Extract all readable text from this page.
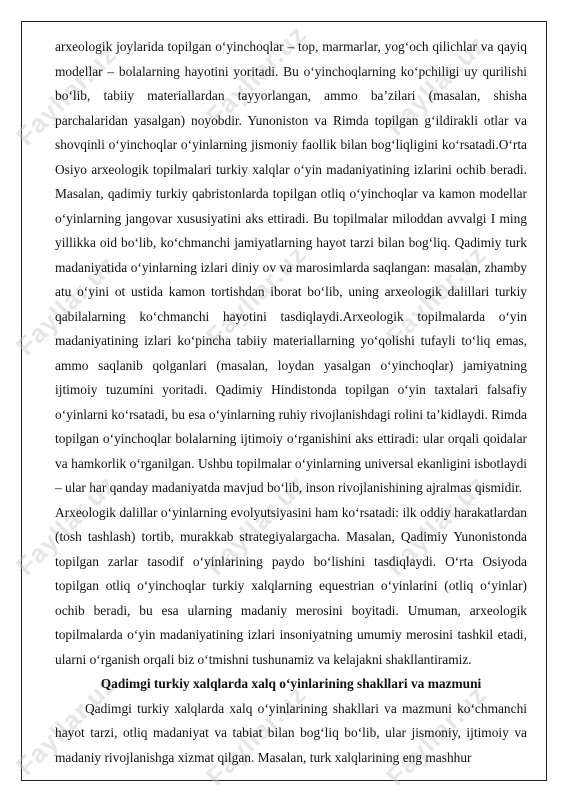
Fayllar.uz	Fayllar.uz	Fayllar.uz
Fayllar.uz	Fayllar.uz	Fayllar.uz
Fayllar.uz	Fayllar.uz	Fayllar.uz
Fayllar.uz	Fayllar.uz	Fayllar.uz

arxeologik joylarida topilgan o‘yinchoqlar – top, marmarlar, yog‘och qilichlar va qayiq modellar – bolalarning hayotini yoritadi. Bu o‘yinchoqlarning ko‘pchiligi uy qurilishi bo‘lib, tabiiy materiallardan tayyorlangan, ammo ba’zilari (masalan, shisha parchalaridan yasalgan) noyobdir. Yunoniston va Rimda topilgan g‘ildirakli otlar va shovqinli o‘yinchoqlar o‘yinlarning jismoniy faollik bilan bog‘liqligini ko‘rsatadi.O‘rta Osiyo arxeologik topilmalari turkiy xalqlar o‘yin madaniyatining izlarini ochib beradi. Masalan, qadimiy turkiy qabristonlarda topilgan otliq o‘yinchoqlar va kamon modellar o‘yinlarning jangovar xususiyatini aks ettiradi. Bu topilmalar miloddan avvalgi I ming yillikka oid bo‘lib, ko‘chmanchi jamiyatlarning hayot tarzi bilan bog‘liq. Qadimiy turk madaniyatida o‘yinlarning izlari diniy ov va marosimlarda saqlangan: masalan, zhamby atu o‘yini ot ustida kamon tortishdan iborat bo‘lib, uning arxeologik dalillari turkiy qabilalarning ko‘chmanchi hayotini tasdiqlaydi.Arxeologik topilmalarda o‘yin madaniyatining izlari ko‘pincha tabiiy materiallarning yo‘qolishi tufayli to‘liq emas, ammo saqlanib qolganlari (masalan, loydan yasalgan o‘yinchoqlar) jamiyatning ijtimoiy tuzumini yoritadi. Qadimiy Hindistonda topilgan o‘yin taxtalari falsafiy o‘yinlarni ko‘rsatadi, bu esa o‘yinlarning ruhiy rivojlanishdagi rolini ta’kidlaydi. Rimda topilgan o‘yinchoqlar bolalarning ijtimoiy o‘rganishini aks ettiradi: ular orqali qoidalar va hamkorlik o‘rganilgan. Ushbu topilmalar o‘yinlarning universal ekanligini isbotlaydi – ular har qanday madaniyatda mavjud bo‘lib, inson rivojlanishining ajralmas qismidir.

Arxeologik dalillar o‘yinlarning evolyutsiyasini ham ko‘rsatadi: ilk oddiy harakatlardan (tosh tashlash) tortib, murakkab strategiyalargacha. Masalan, Qadimiy Yunonistonda topilgan zarlar tasodif o‘yinlarining paydo bo‘lishini tasdiqlaydi. O‘rta Osiyoda topilgan otliq o‘yinchoqlar turkiy xalqlarning equestrian o‘yinlarini (otliq o‘yinlar) ochib beradi, bu esa ularning madaniy merosini boyitadi. Umuman, arxeologik topilmalarda o‘yin madaniyatining izlari insoniyatning umumiy merosini tashkil etadi, ularni o‘rganish orqali biz o‘tmishni tushunamiz va kelajakni shakllantiramiz.

Qadimgi turkiy xalqlarda xalq o‘yinlarining shakllari va mazmuni

Qadimgi turkiy xalqlarda xalq o‘yinlarining shakllari va mazmuni ko‘chmanchi hayot tarzi, otliq madaniyat va tabiat bilan bog‘liq bo‘lib, ular jismoniy, ijtimoiy va madaniy rivojlanishga xizmat qilgan. Masalan, turk xalqlarining eng mashhur
